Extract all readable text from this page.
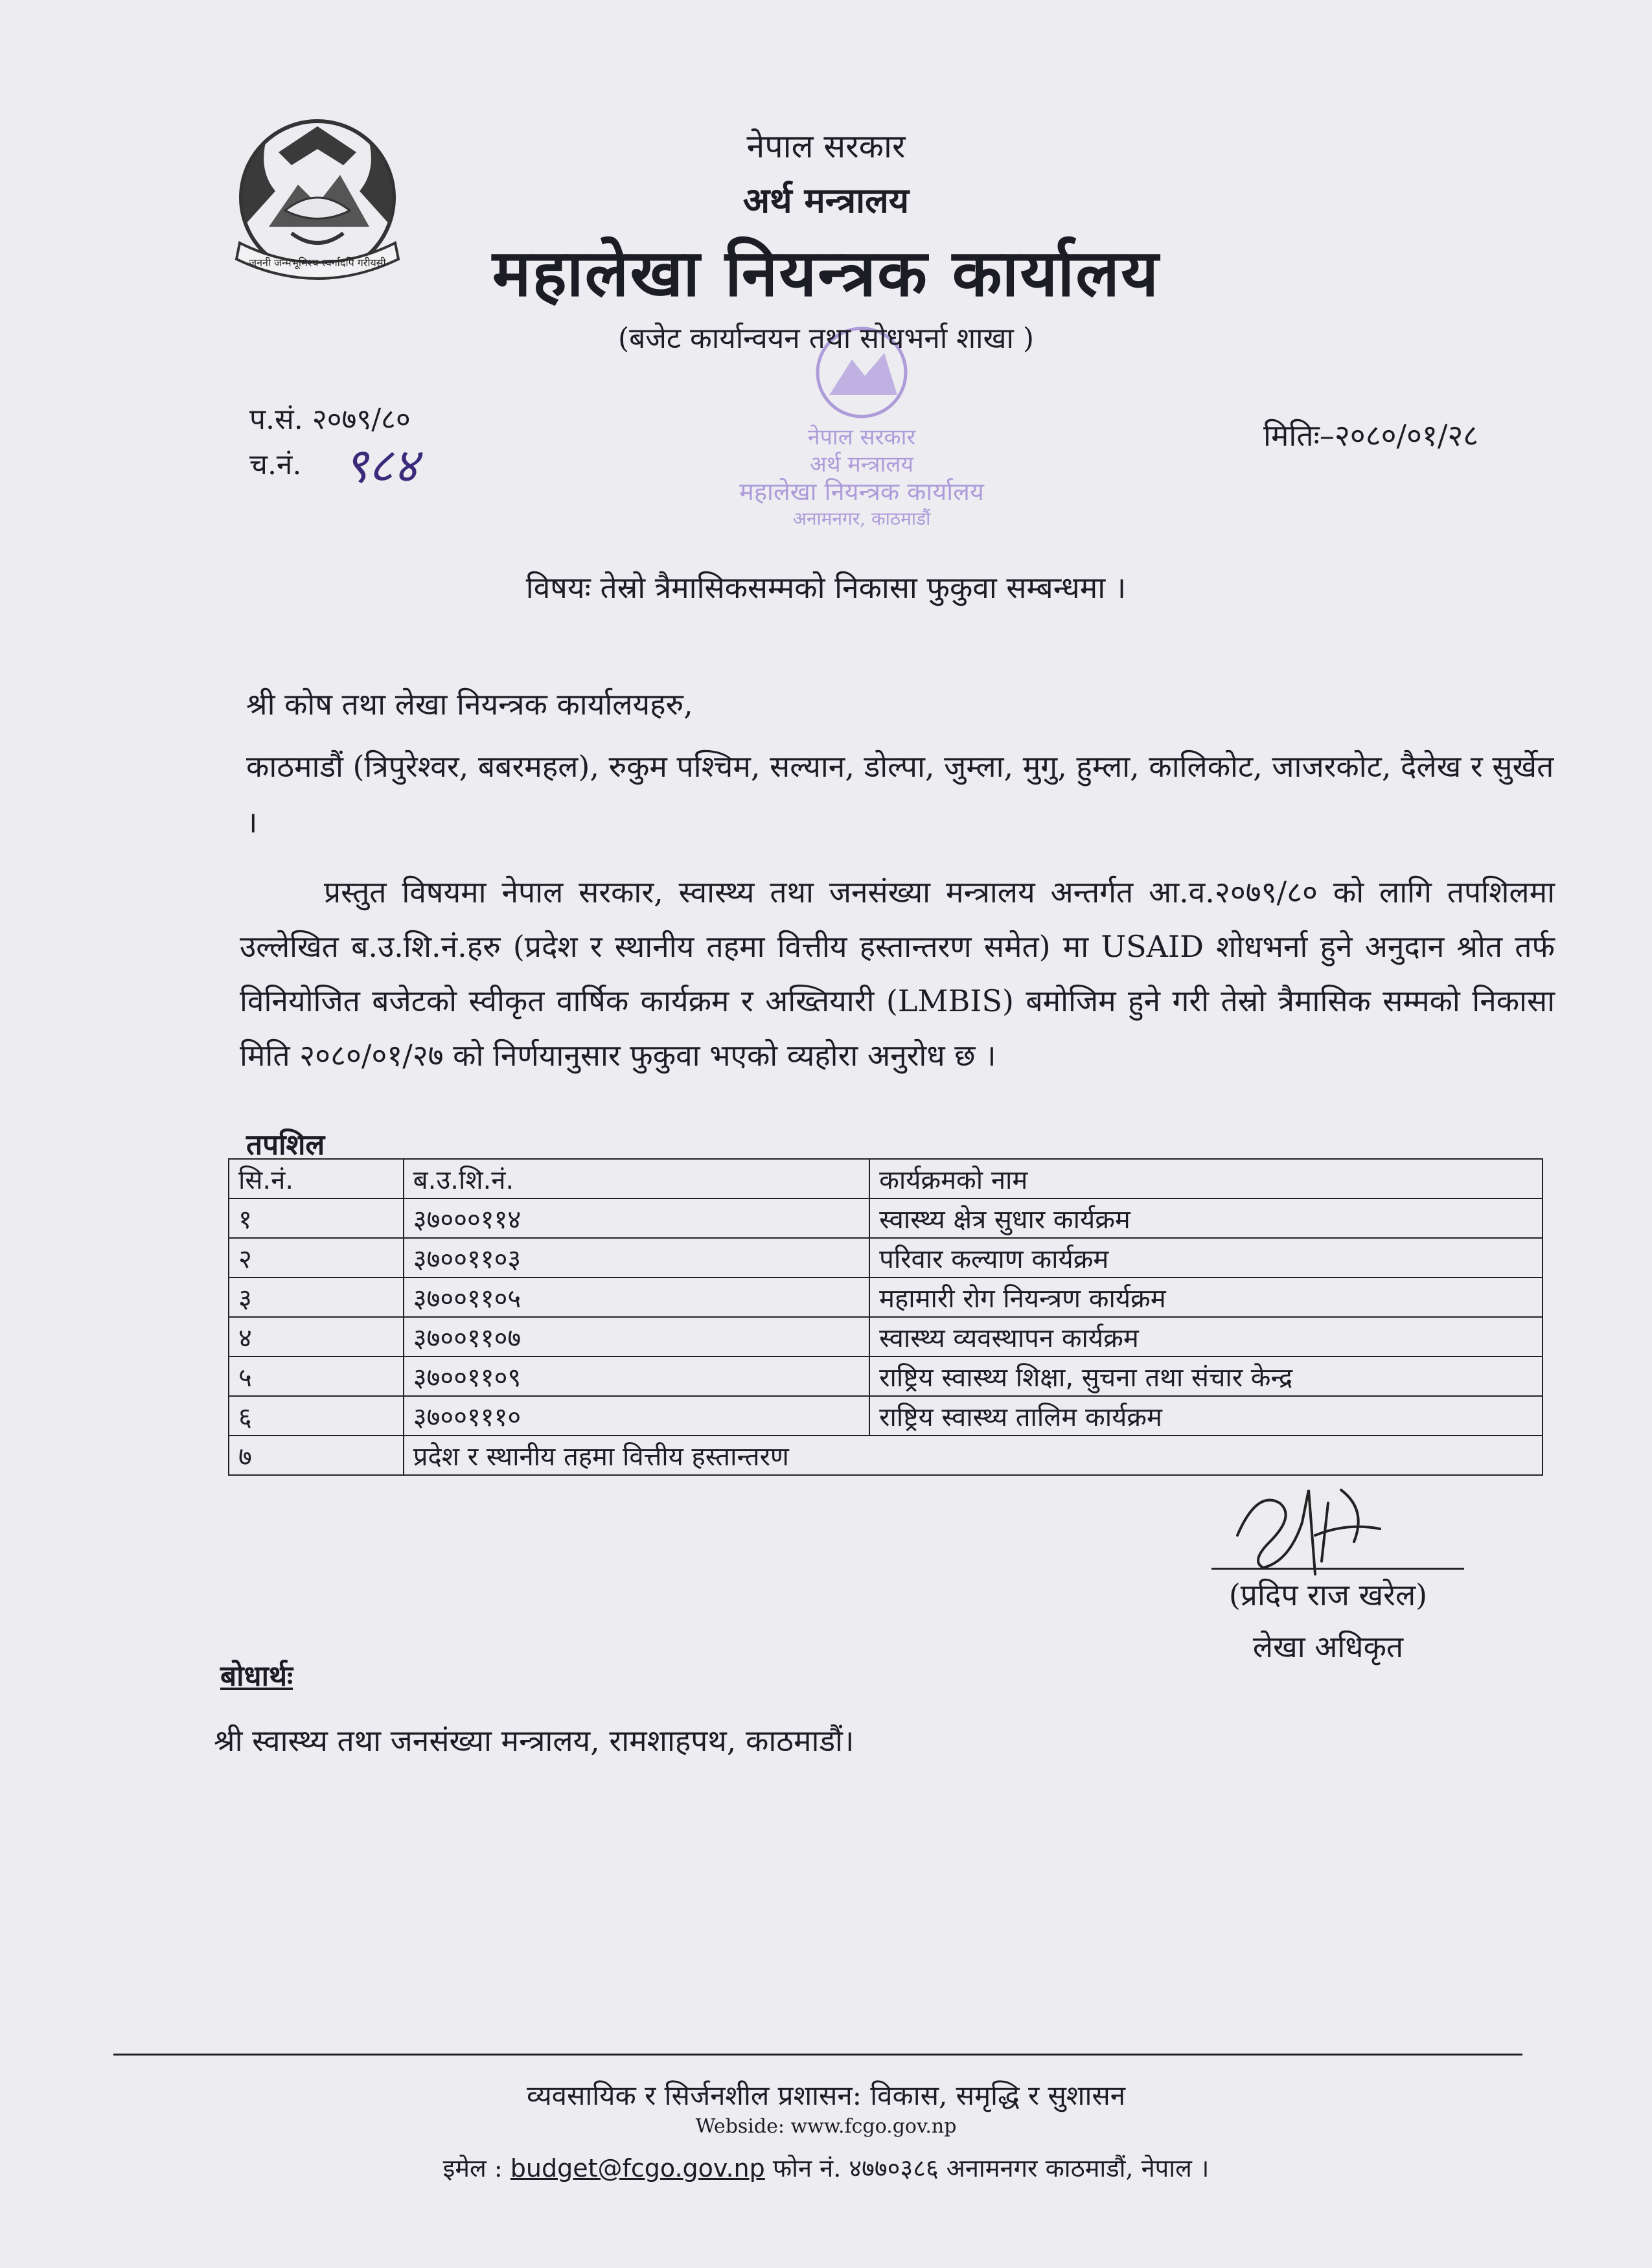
जननी जन्मभूमिश्च स्वर्गादपि गरीयसी
नेपाल सरकार
अर्थ मन्त्रालय
महालेखा नियन्त्रक कार्यालय
अनामनगर, काठमाडौं
नेपाल सरकार
अर्थ मन्त्रालय
महालेखा नियन्त्रक कार्यालय
(बजेट कार्यान्वयन तथा सोधभर्ना शाखा )
प.सं. २०७९/८०
च.नं. ९८४
मितिः–२०८०/०१/२८
विषयः तेस्रो त्रैमासिकसम्मको निकासा फुकुवा सम्बन्धमा ।
श्री कोष तथा लेखा नियन्त्रक कार्यालयहरु,
काठमाडौं (त्रिपुरेश्वर, बबरमहल), रुकुम पश्चिम, सल्यान, डोल्पा, जुम्ला, मुगु, हुम्ला, कालिकोट, जाजरकोट, दैलेख र सुर्खेत ।
प्रस्तुत विषयमा नेपाल सरकार, स्वास्थ्य तथा जनसंख्या मन्त्रालय अन्तर्गत आ.व.२०७९/८० को लागि तपशिलमा उल्लेखित ब.उ.शि.नं.हरु (प्रदेश र स्थानीय तहमा वित्तीय हस्तान्तरण समेत) मा USAID शोधभर्ना हुने अनुदान श्रोत तर्फ विनियोजित बजेटको स्वीकृत वार्षिक कार्यक्रम र अख्तियारी (LMBIS) बमोजिम हुने गरी तेस्रो त्रैमासिक सम्मको निकासा मिति २०८०/०१/२७ को निर्णयानुसार फुकुवा भएको व्यहोरा अनुरोध छ ।
तपशिल
सि.नं.	ब.उ.शि.नं.	कार्यक्रमको नाम
१	३७०००११४	स्वास्थ्य क्षेत्र सुधार कार्यक्रम
२	३७००११०३	परिवार कल्याण कार्यक्रम
३	३७००११०५	महामारी रोग नियन्त्रण कार्यक्रम
४	३७००११०७	स्वास्थ्य व्यवस्थापन कार्यक्रम
५	३७००११०९	राष्ट्रिय स्वास्थ्य शिक्षा, सुचना तथा संचार केन्द्र
६	३७००१११०	राष्ट्रिय स्वास्थ्य तालिम कार्यक्रम
७	प्रदेश र स्थानीय तहमा वित्तीय हस्तान्तरण	
(प्रदिप राज खरेल)
लेखा अधिकृत
बोधार्थः
श्री स्वास्थ्य तथा जनसंख्या मन्त्रालय, रामशाहपथ, काठमाडौं।
व्यवसायिक र सिर्जनशील प्रशासन: विकास, समृद्धि र सुशासन
Webside: www.fcgo.gov.np
इमेल : budget@fcgo.gov.np फोन नं. ४७७०३८६ अनामनगर काठमाडौं, नेपाल ।
